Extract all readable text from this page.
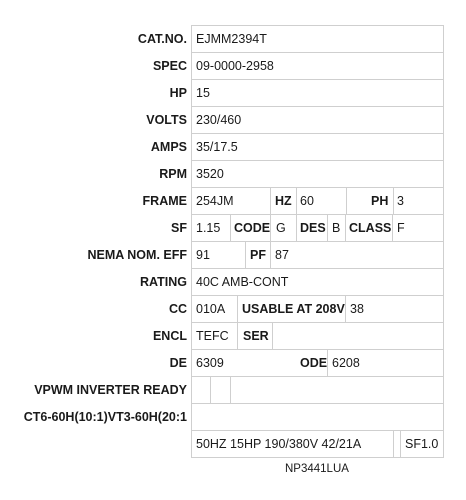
CAT.NO. EJMM2394T
SPEC 09-0000-2958
HP 15
VOLTS 230/460
AMPS 35/17.5
RPM 3520
FRAME 254JM	HZ 60	PH 3
SF 1.15 CODE G DES B CLASS F
NEMA NOM. EFF 91	PF 87
RATING 40C AMB-CONT
CC 010A USABLE AT 208V 38
ENCL TEFC SER
DE 6309	ODE 6208
VPWM INVERTER READY
CT6-60H(10:1)VT3-60H(20:1
50HZ 15HP 190/380V 42/21A	SF1.0
NP3441LUA
